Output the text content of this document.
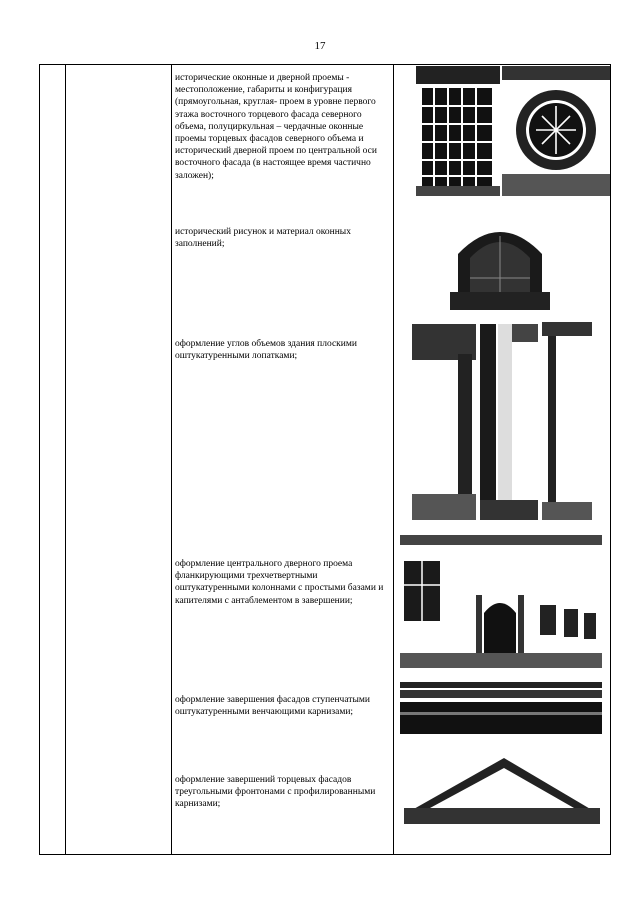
17
исторические оконные и дверной проемы - местоположение, габариты и конфигурация (прямоугольная, круглая- проем в уровне первого этажа восточного торцевого фасада северного объема, полуциркульная – чердачные оконные проемы торцевых фасадов северного объема и исторический дверной проем по центральной оси восточного фасада (в настоящее время частично заложен);
исторический рисунок и материал оконных заполнений;
оформление углов объемов здания плоскими оштукатуренными лопатками;
оформление центрального дверного проема фланкирующими трехчетвертными оштукатуренными колоннами с простыми базами и капителями с антаблементом в завершении;
оформление завершения фасадов ступенчатыми оштукатуренными венчающими карнизами;
оформление завершений торцевых фасадов треугольными фронтонами с профилированными карнизами;
